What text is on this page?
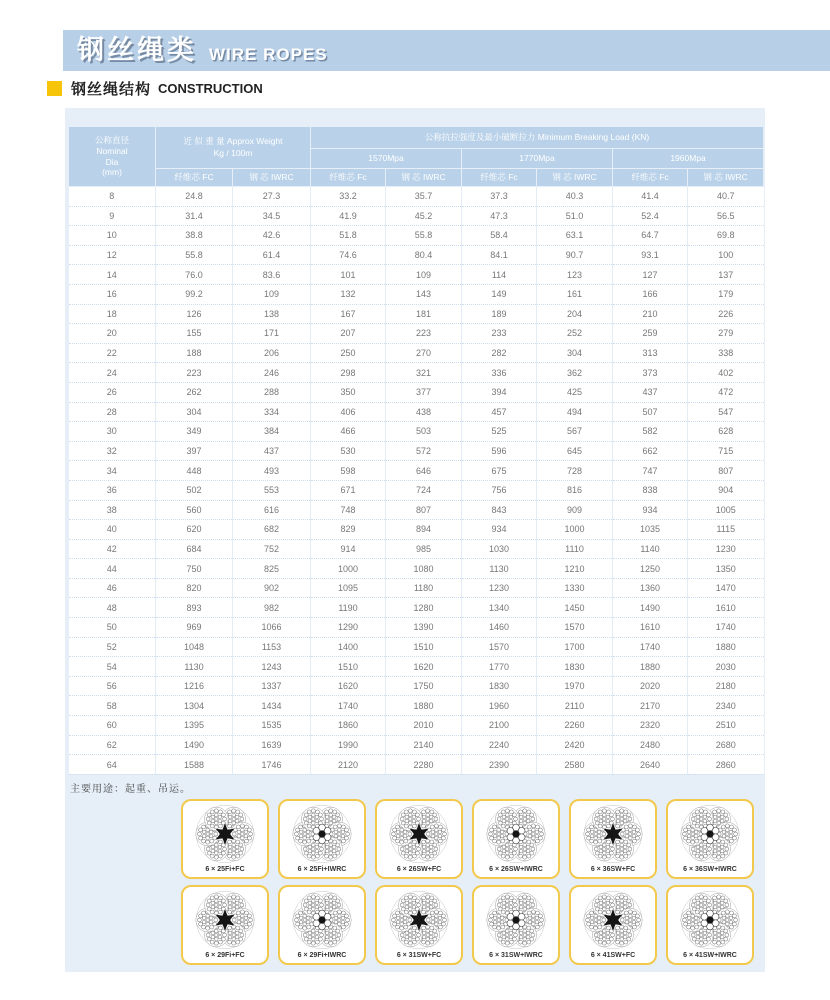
钢丝绳类 WIRE ROPES
钢丝绳结构 CONSTRUCTION
公称直径
Nominal
Dia
(mm)	近 似 重 量 Approx Weight
Kg / 100m		公称抗拉强度及最小破断拉力 Minimum Breaking Load (KN)					
			1570Mpa		1770Mpa		1960Mpa	
	纤维芯 FC	钢 芯 IWRC	纤维芯 Fc	钢 芯 IWRC	纤维芯 Fc	钢 芯 IWRC	纤维芯 Fc	钢 芯 IWRC
8	24.8	27.3	33.2	35.7	37.3	40.3	41.4	40.7
9	31.4	34.5	41.9	45.2	47.3	51.0	52.4	56.5
10	38.8	42.6	51.8	55.8	58.4	63.1	64.7	69.8
12	55.8	61.4	74.6	80.4	84.1	90.7	93.1	100
14	76.0	83.6	101	109	114	123	127	137
16	99.2	109	132	143	149	161	166	179
18	126	138	167	181	189	204	210	226
20	155	171	207	223	233	252	259	279
22	188	206	250	270	282	304	313	338
24	223	246	298	321	336	362	373	402
26	262	288	350	377	394	425	437	472
28	304	334	406	438	457	494	507	547
30	349	384	466	503	525	567	582	628
32	397	437	530	572	596	645	662	715
34	448	493	598	646	675	728	747	807
36	502	553	671	724	756	816	838	904
38	560	616	748	807	843	909	934	1005
40	620	682	829	894	934	1000	1035	1115
42	684	752	914	985	1030	1110	1140	1230
44	750	825	1000	1080	1130	1210	1250	1350
46	820	902	1095	1180	1230	1330	1360	1470
48	893	982	1190	1280	1340	1450	1490	1610
50	969	1066	1290	1390	1460	1570	1610	1740
52	1048	1153	1400	1510	1570	1700	1740	1880
54	1130	1243	1510	1620	1770	1830	1880	2030
56	1216	1337	1620	1750	1830	1970	2020	2180
58	1304	1434	1740	1880	1960	2110	2170	2340
60	1395	1535	1860	2010	2100	2260	2320	2510
62	1490	1639	1990	2140	2240	2420	2480	2680
64	1588	1746	2120	2280	2390	2580	2640	2860
主要用途：起重、吊运。
6 × 25Fi+FC	6 × 25Fi+IWRC	6 × 26SW+FC	6 × 26SW+IWRC	6 × 36SW+FC	6 × 36SW+IWRC
6 × 29Fi+FC	6 × 29Fi+IWRC	6 × 31SW+FC	6 × 31SW+IWRC	6 × 41SW+FC	6 × 41SW+IWRC
